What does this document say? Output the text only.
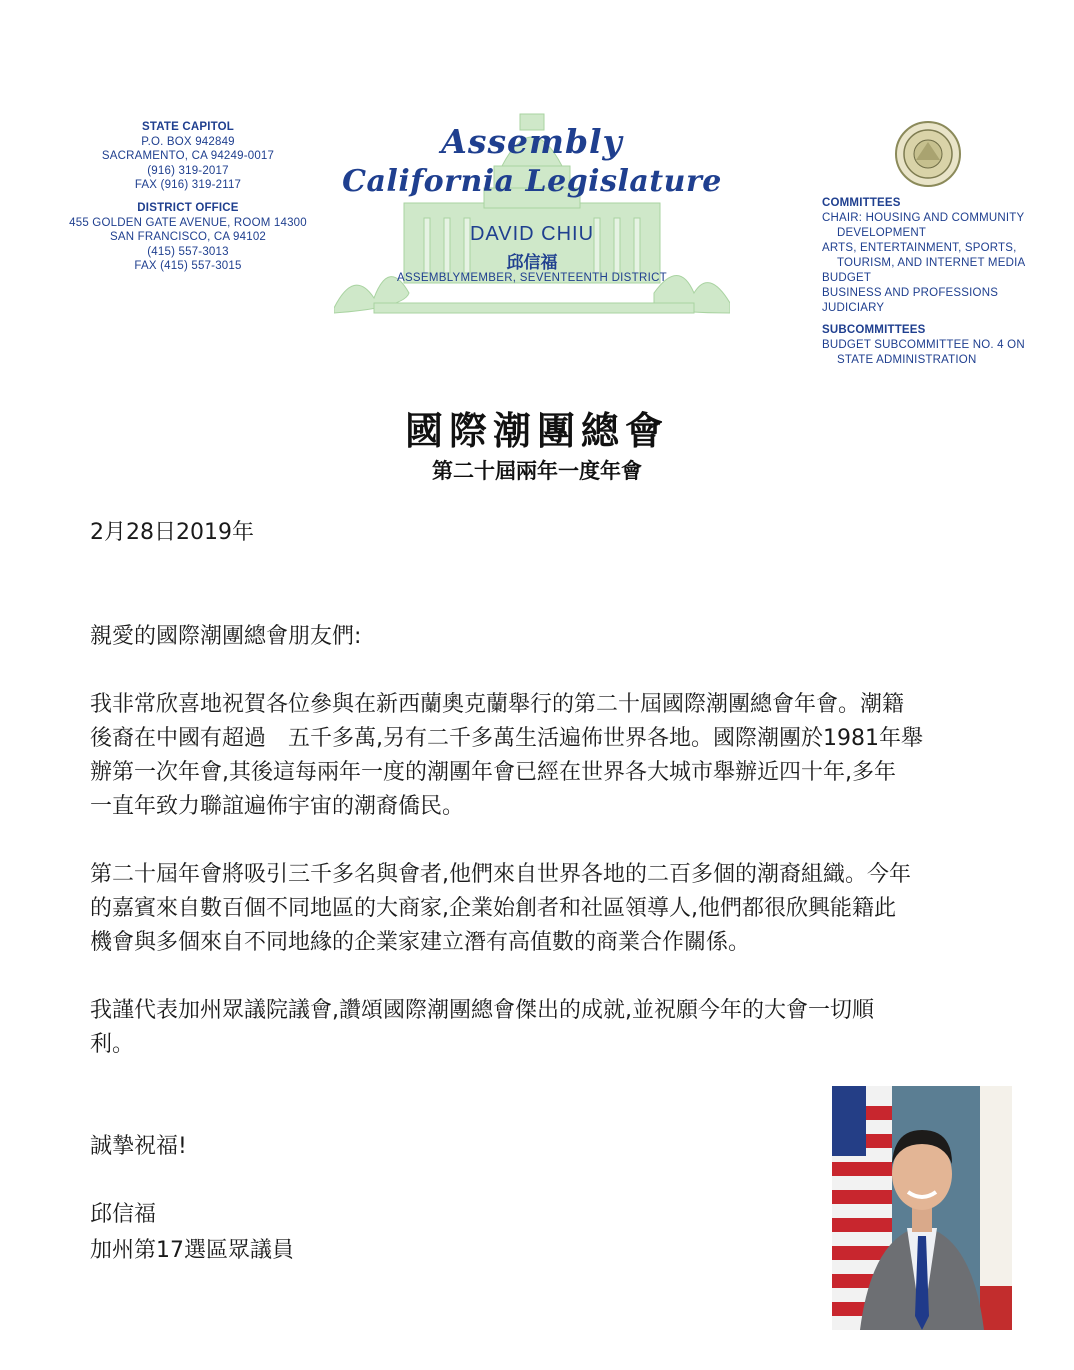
STATE CAPITOL
P.O. BOX 942849
SACRAMENTO, CA 94249-0017
(916) 319-2017
FAX (916) 319-2117
DISTRICT OFFICE
455 GOLDEN GATE AVENUE, ROOM 14300
SAN FRANCISCO, CA 94102
(415) 557-3013
FAX (415) 557-3015
Assembly
California Legislature
DAVID CHIU
邱信福
ASSEMBLYMEMBER, SEVENTEENTH DISTRICT
COMMITTEES
CHAIR: HOUSING AND COMMUNITY
DEVELOPMENT
ARTS, ENTERTAINMENT, SPORTS,
TOURISM, AND INTERNET MEDIA
BUDGET
BUSINESS AND PROFESSIONS
JUDICIARY
SUBCOMMITTEES
BUDGET SUBCOMMITTEE NO. 4 ON
STATE ADMINISTRATION
國際潮團總會
第二十屆兩年一度年會
2月28日2019年
親愛的國際潮團總會朋友們:
我非常欣喜地祝賀各位參與在新西蘭奧克蘭舉行的第二十屆國際潮團總會年會。潮籍
後裔在中國有超過　五千多萬,另有二千多萬生活遍佈世界各地。國際潮團於1981年舉
辦第一次年會,其後這每兩年一度的潮團年會已經在世界各大城市舉辦近四十年,多年
一直年致力聯誼遍佈宇宙的潮裔僑民。
第二十屆年會將吸引三千多名與會者,他們來自世界各地的二百多個的潮裔組織。今年
的嘉賓來自數百個不同地區的大商家,企業始創者和社區領導人,他們都很欣興能籍此
機會與多個來自不同地緣的企業家建立潛有高值數的商業合作關係。
我謹代表加州眾議院議會,讚頌國際潮團總會傑出的成就,並祝願今年的大會一切順
利。
誠摯祝福!
邱信福
加州第17選區眾議員
